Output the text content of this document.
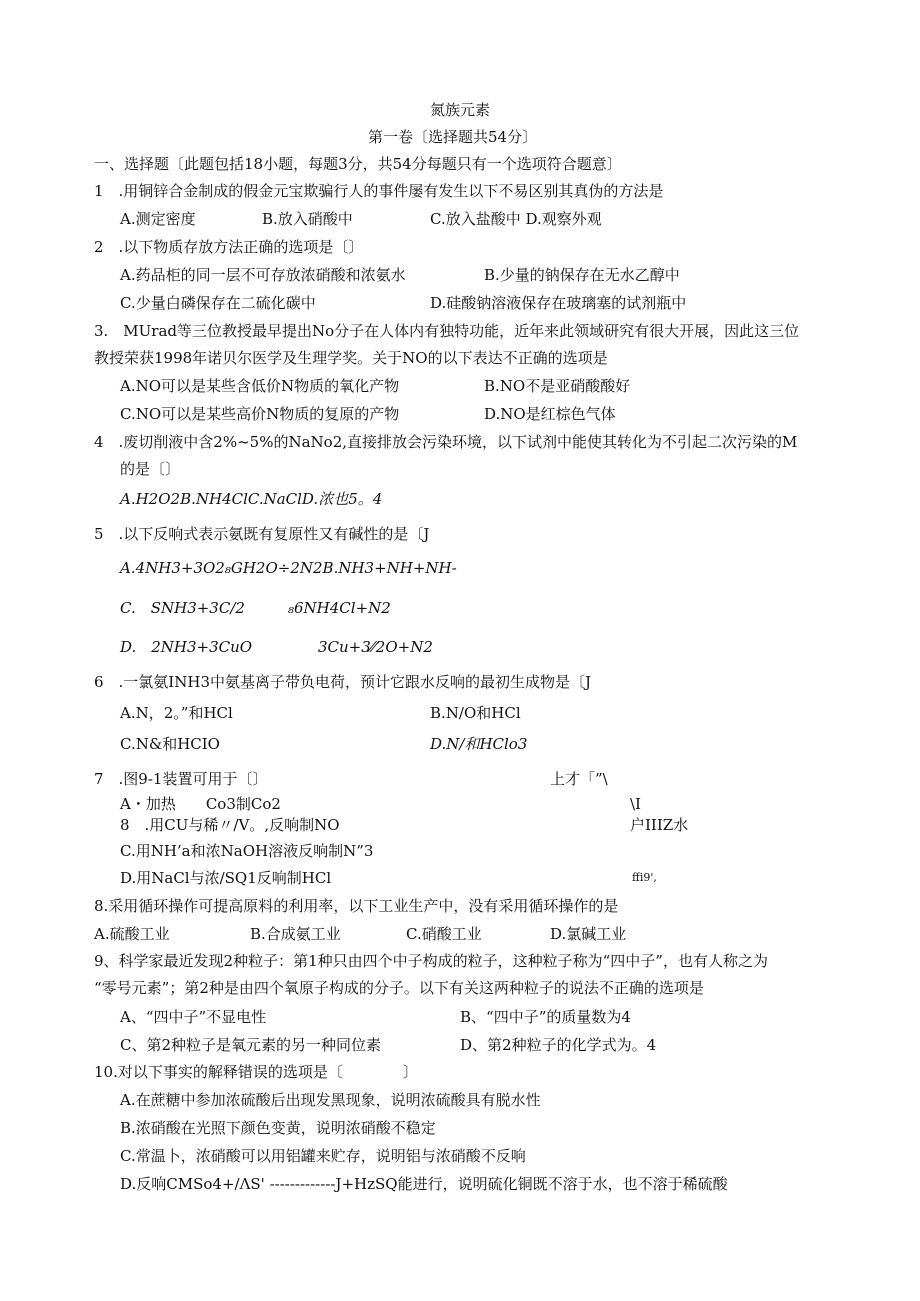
氮族元素
第一卷〔选择题共54分〕
一、选择题〔此题包括18小题，每题3分，共54分每题只有一个选项符合题意〕
1　.用铜锌合金制成的假金元宝欺骗行人的事件屡有发生以下不易区别其真伪的方法是
A.测定密度	B.放入硝酸中	C.放入盐酸中 D.观察外观
2　.以下物质存放方法正确的选项是〔〕
A.药品柜的同一层不可存放浓硝酸和浓氨水	B.少量的钠保存在无水乙醇中
C.少量白磷保存在二硫化碳中	D.硅酸钠溶液保存在玻璃塞的试剂瓶中
3.　MUrad等三位教授最早提出No分子在人体内有独特功能，近年来此领域研究有很大开展，因此这三位
教授荣获1998年诺贝尔医学及生理学奖。关于NO的以下表达不正确的选项是
A.NO可以是某些含低价N物质的氧化产物	B.NO不是亚硝酸酸好
C.NO可以是某些高价N物质的复原的产物	D.NO是红棕色气体
4　.废切削液中含2%~5%的NaNo2,直接排放会污染环境，以下试剂中能使其转化为不引起二次污染的M
的是〔〕
A.H2O2B.NH4ClC.NaClD.浓也5。4
5　.以下反响式表示氨既有复原性又有碱性的是〔J
A.4NH3+3O2₈GH2O÷2N2B.NH3+NH+NH-
C.　SNH3+3C/2	₈6NH4Cl+N2
D.　2NH3+3CuO	3Cu+3⁄⁄2O+N2
6　.一氯氨INH3中氨基离子带负电荷，预计它跟水反响的最初生成物是〔J
A.N，2。”和HCl	B.N/O和HCl
C.N&和HCIO	D.N/和HClo3
7　.图9-1装置可用于〔〕
A・加热　　Co3制Co2
8　.用CU与稀〃/V。,反响制NO
C.用NH’a和浓NaOH溶液反响制N”3
D.用NaCl与浓/SQ1反响制HCl
上才「”\
\I
户IIIZ水
ffi9',
8.采用循环操作可提高原料的利用率，以下工业生产中，没有采用循环操作的是
A.硫酸工业	B.合成氨工业	C.硝酸工业	D.氯碱工业
9、科学家最近发现2种粒子：第1种只由四个中子构成的粒子，这种粒子称为“四中子”，也有人称之为
“零号元素”；第2种是由四个氧原子构成的分子。以下有关这两种粒子的说法不正确的选项是
A、“四中子”不显电性	B、“四中子”的质量数为4
C、第2种粒子是氧元素的另一种同位素	D、第2种粒子的化学式为。4
10.对以下事实的解释错误的选项是〔　　　　〕
A.在蔗糖中参加浓硫酸后出现发黑现象，说明浓硫酸具有脱水性
B.浓硝酸在光照下颜色变黄，说明浓硝酸不稳定
C.常温卜，浓硝酸可以用铝罐来贮存，说明铝与浓硝酸不反响
D.反响CMSo4+/ΛS' -------------J+HzSQ能进行，说明硫化铜既不溶于水，也不溶于稀硫酸
